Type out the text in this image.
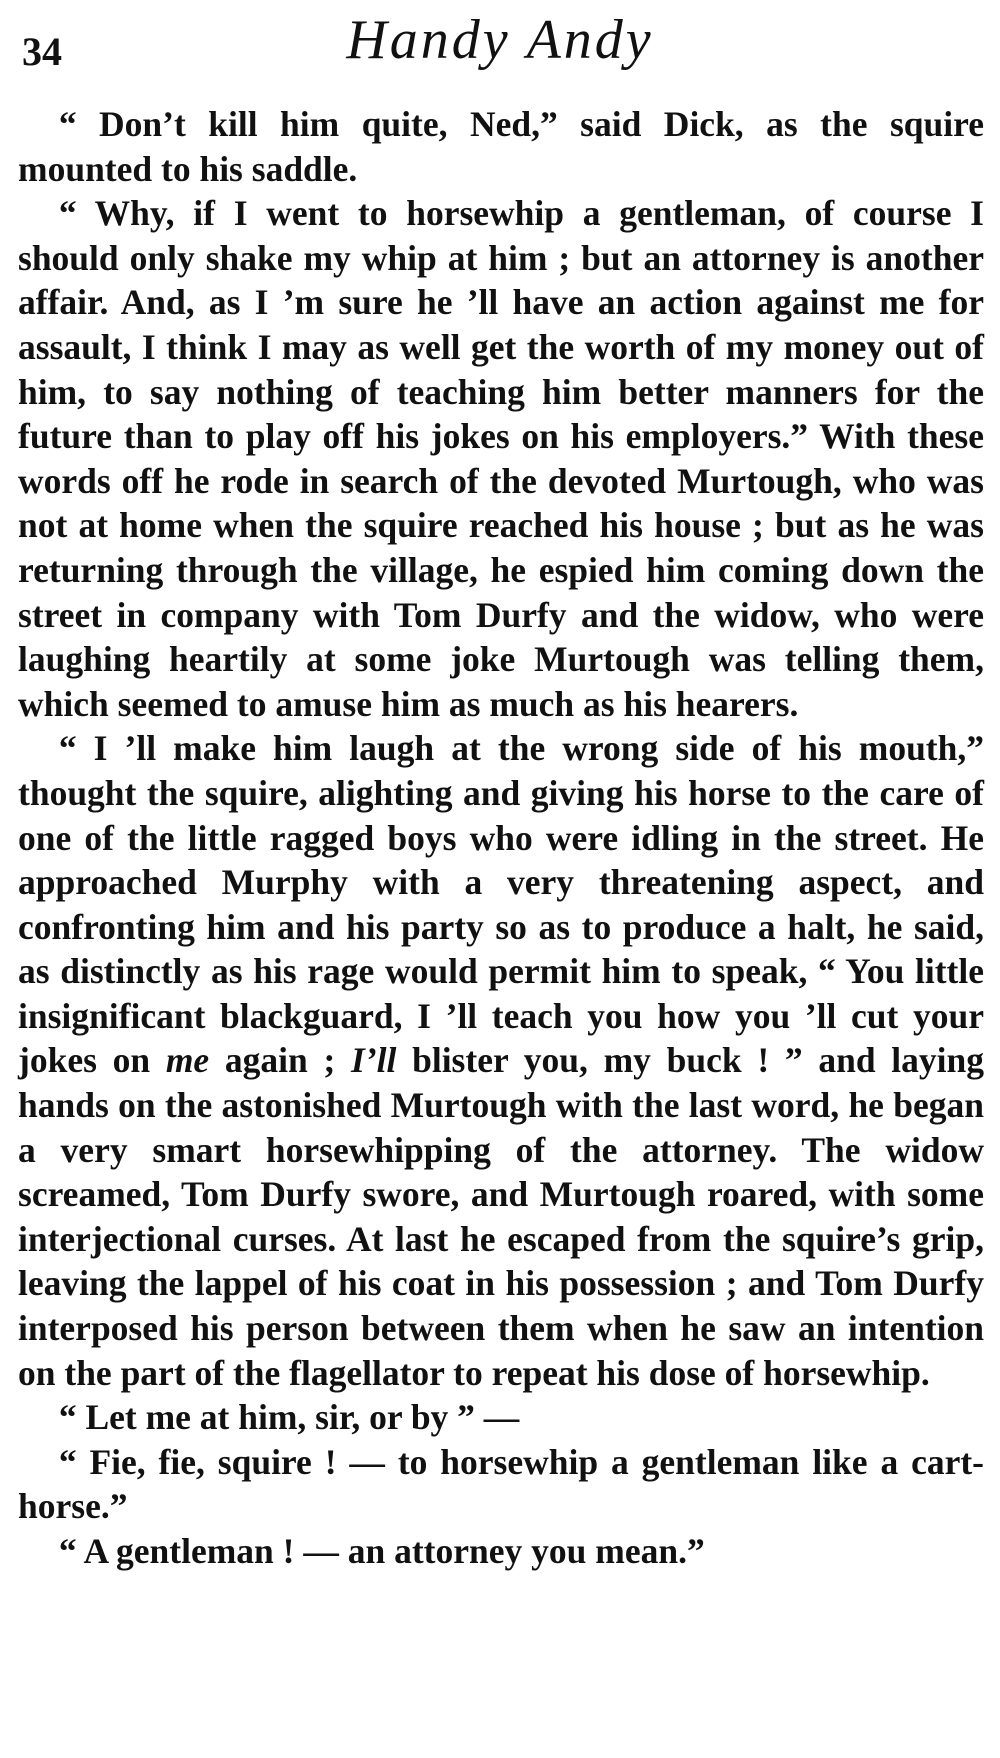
34	Handy Andy

“ Don’t kill him quite, Ned,” said Dick, as the squire mounted to his saddle.

“ Why, if I went to horsewhip a gentleman, of course I should only shake my whip at him ; but an attorney is another affair. And, as I ’m sure he ’ll have an action against me for assault, I think I may as well get the worth of my money out of him, to say nothing of teaching him better manners for the future than to play off his jokes on his employers.” With these words off he rode in search of the devoted Murtough, who was not at home when the squire reached his house ; but as he was returning through the village, he espied him coming down the street in company with Tom Durfy and the widow, who were laughing heartily at some joke Murtough was telling them, which seemed to amuse him as much as his hearers.

“ I ’ll make him laugh at the wrong side of his mouth,” thought the squire, alighting and giving his horse to the care of one of the little ragged boys who were idling in the street. He approached Murphy with a very threatening aspect, and confronting him and his party so as to produce a halt, he said, as distinctly as his rage would permit him to speak, “ You little insignificant blackguard, I ’ll teach you how you ’ll cut your jokes on me again ; I’ll blister you, my buck ! ” and laying hands on the astonished Murtough with the last word, he began a very smart horsewhipping of the attorney. The widow screamed, Tom Durfy swore, and Murtough roared, with some interjectional curses. At last he escaped from the squire’s grip, leaving the lappel of his coat in his possession ; and Tom Durfy interposed his person between them when he saw an intention on the part of the flagellator to repeat his dose of horsewhip.

“ Let me at him, sir, or by ” —

“ Fie, fie, squire ! — to horsewhip a gentleman like a cart-horse.”

“ A gentleman ! — an attorney you mean.”
